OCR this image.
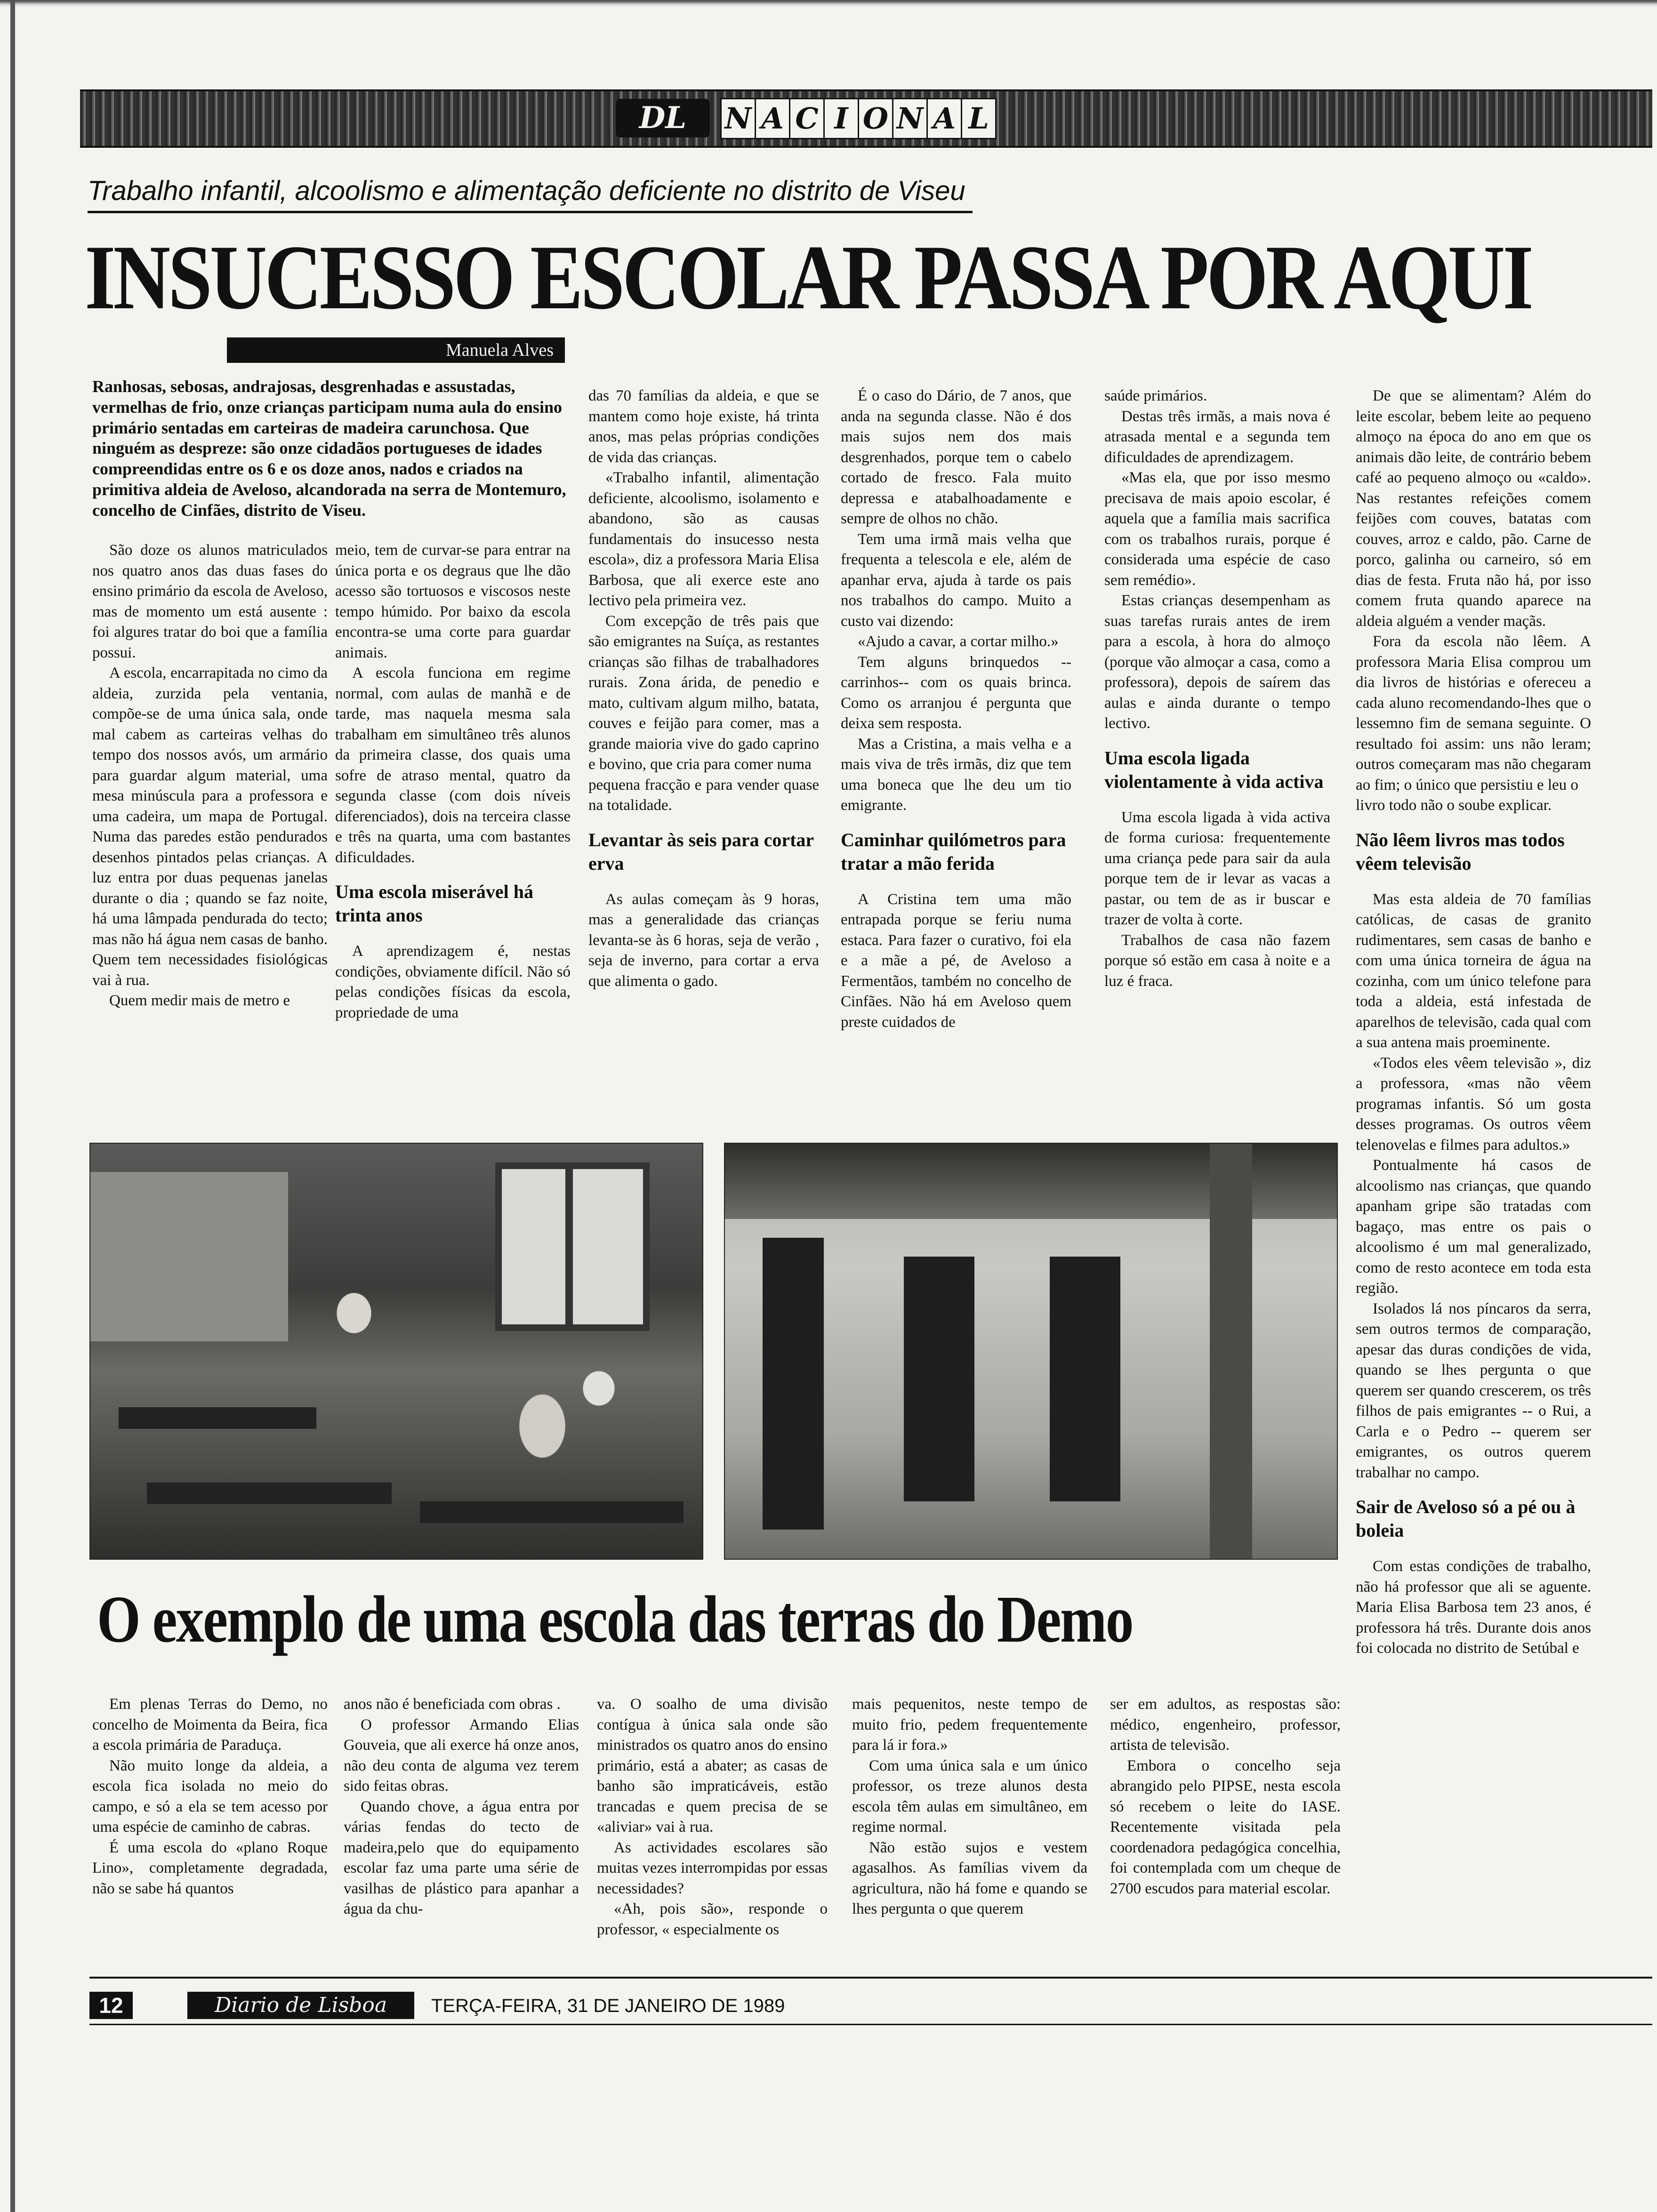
DL	N A C I O N A L
Trabalho infantil, alcoolismo e alimentação deficiente no distrito de Viseu
INSUCESSO ESCOLAR PASSA POR AQUI
Manuela Alves
Ranhosas, sebosas, andrajosas, desgrenhadas e assustadas, vermelhas de frio, onze crianças participam numa aula do ensino primário sentadas em carteiras de madeira carunchosa. Que ninguém as despreze: são onze cidadãos portugueses de idades compreendidas entre os 6 e os doze anos, nados e criados na primitiva aldeia de Aveloso, alcandorada na serra de Montemuro, concelho de Cinfães, distrito de Viseu.

São doze os alunos matriculados nos quatro anos das duas fases do ensino primário da escola de Aveloso, mas de momento um está ausente : foi algures tratar do boi que a família possui.

A escola, encarrapitada no cimo da aldeia, zurzida pela ventania, compõe-se de uma única sala, onde mal cabem as carteiras velhas do tempo dos nossos avós, um armário para guardar algum material, uma mesa minúscula para a professora e uma cadeira, um mapa de Portugal. Numa das paredes estão pendurados desenhos pintados pelas crianças. A luz entra por duas pequenas janelas durante o dia ; quando se faz noite, há uma lâmpada pendurada do tecto; mas não há água nem casas de banho. Quem tem necessidades fisiológicas vai à rua.

Quem medir mais de metro e

meio, tem de curvar-se para entrar na única porta e os degraus que lhe dão acesso são tortuosos e viscosos neste tempo húmido. Por baixo da escola encontra-se uma corte para guardar animais.

A escola funciona em regime normal, com aulas de manhã e de tarde, mas naquela mesma sala trabalham em simultâneo três alunos da primeira classe, dos quais uma sofre de atraso mental, quatro da segunda classe (com dois níveis diferenciados), dois na terceira classe e três na quarta, uma com bastantes dificuldades.

Uma escola miserável há trinta anos

A aprendizagem é, nestas condições, obviamente difícil. Não só pelas condições físicas da escola, propriedade de uma

das 70 famílias da aldeia, e que se mantem como hoje existe, há trinta anos, mas pelas próprias condições de vida das crianças.

«Trabalho infantil, alimentação deficiente, alcoolismo, isolamento e abandono, são as causas fundamentais do insucesso nesta escola», diz a professora Maria Elisa Barbosa, que ali exerce este ano lectivo pela primeira vez.

Com excepção de três pais que são emigrantes na Suíça, as restantes crianças são filhas de trabalhadores rurais. Zona árida, de penedio e mato, cultivam algum milho, batata, couves e feijão para comer, mas a grande maioria vive do gado caprino e bovino, que cria para comer numa

pequena fracção e para vender quase na totalidade.

Levantar às seis para cortar erva

As aulas começam às 9 horas, mas a generalidade das crianças levanta-se às 6 horas, seja de verão , seja de inverno, para cortar a erva que alimenta o gado.

É o caso do Dário, de 7 anos, que anda na segunda classe. Não é dos mais sujos nem dos mais desgrenhados, porque tem o cabelo cortado de fresco. Fala muito depressa e atabalhoadamente e sempre de olhos no chão.

Tem uma irmã mais velha que frequenta a telescola e ele, além de apanhar erva, ajuda à tarde os pais nos trabalhos do campo. Muito a custo vai dizendo:

«Ajudo a cavar, a cortar milho.»

Tem alguns brinquedos -- carrinhos-- com os quais brinca. Como os arranjou é pergunta que deixa sem resposta.

Mas a Cristina, a mais velha e a mais viva de três irmãs, diz que tem uma boneca que lhe deu um tio emigrante.

Caminhar quilómetros para tratar a mão ferida

A Cristina tem uma mão entrapada porque se feriu numa estaca. Para fazer o curativo, foi ela e a mãe a pé, de Aveloso a Fermentãos, também no concelho de Cinfães. Não há em Aveloso quem preste cuidados de

saúde primários.

Destas três irmãs, a mais nova é atrasada mental e a segunda tem dificuldades de aprendizagem.

«Mas ela, que por isso mesmo precisava de mais apoio escolar, é aquela que a família mais sacrifica com os trabalhos rurais, porque é considerada uma espécie de caso sem remédio».

Estas crianças desempenham as suas tarefas rurais antes de irem para a escola, à hora do almoço (porque vão almoçar a casa, como a professora), depois de saírem das aulas e ainda durante o tempo lectivo.

Uma escola ligada violentamente à vida activa

Uma escola ligada à vida activa de forma curiosa: frequentemente uma criança pede para sair da aula porque tem de ir levar as vacas a pastar, ou tem de as ir buscar e trazer de volta à corte.

Trabalhos de casa não fazem porque só estão em casa à noite e a luz é fraca.

De que se alimentam? Além do leite escolar, bebem leite ao pequeno almoço na época do ano em que os animais dão leite, de contrário bebem café ao pequeno almoço ou «caldo». Nas restantes refeições comem feijões com couves, batatas com couves, arroz e caldo, pão. Carne de porco, galinha ou carneiro, só em dias de festa. Fruta não há, por isso comem fruta quando aparece na aldeia alguém a vender maçãs.

Fora da escola não lêem. A professora Maria Elisa comprou um dia livros de histórias e ofereceu a cada aluno recomendando-lhes que o lessemno fim de semana seguinte. O resultado foi assim: uns não leram; outros começaram mas não chegaram ao fim; o único que persistiu e leu o

livro todo não o soube explicar.

Não lêem livros mas todos vêem televisão

Mas esta aldeia de 70 famílias católicas, de casas de granito rudimentares, sem casas de banho e com uma única torneira de água na cozinha, com um único telefone para toda a aldeia, está infestada de aparelhos de televisão, cada qual com a sua antena mais proeminente.

«Todos eles vêem televisão », diz a professora, «mas não vêem programas infantis. Só um gosta desses programas. Os outros vêem telenovelas e filmes para adultos.»

Pontualmente há casos de alcoolismo nas crianças, que quando apanham gripe são tratadas com bagaço, mas entre os pais o alcoolismo é um mal generalizado, como de resto acontece em toda esta região.

Isolados lá nos píncaros da serra, sem outros termos de comparação, apesar das duras condições de vida, quando se lhes pergunta o que querem ser quando crescerem, os três filhos de pais emigrantes -- o Rui, a Carla e o Pedro -- querem ser emigrantes, os outros querem trabalhar no campo.

Sair de Aveloso só a pé ou à boleia

Com estas condições de trabalho, não há professor que ali se aguente. Maria Elisa Barbosa tem 23 anos, é professora há três. Durante dois anos foi colocada no distrito de Setúbal e

O exemplo de uma escola das terras do Demo

Em plenas Terras do Demo, no concelho de Moimenta da Beira, fica a escola primária de Paraduça.

Não muito longe da aldeia, a escola fica isolada no meio do campo, e só a ela se tem acesso por uma espécie de caminho de cabras.

É uma escola do «plano Roque Lino», completamente degradada, não se sabe há quantos

anos não é beneficiada com obras .

O professor Armando Elias Gouveia, que ali exerce há onze anos, não deu conta de alguma vez terem sido feitas obras.

Quando chove, a água entra por várias fendas do tecto de madeira,pelo que do equipamento escolar faz uma parte uma série de vasilhas de plástico para apanhar a água da chu-

va. O soalho de uma divisão contígua à única sala onde são ministrados os quatro anos do ensino primário, está a abater; as casas de banho são impraticáveis, estão trancadas e quem precisa de se «aliviar» vai à rua.

As actividades escolares são muitas vezes interrompidas por essas necessidades?

«Ah, pois são», responde o professor, « especialmente os

mais pequenitos, neste tempo de muito frio, pedem frequentemente para lá ir fora.»

Com uma única sala e um único professor, os treze alunos desta escola têm aulas em simultâneo, em regime normal.

Não estão sujos e vestem agasalhos. As famílias vivem da agricultura, não há fome e quando se lhes pergunta o que querem

ser em adultos, as respostas são: médico, engenheiro, professor, artista de televisão.

Embora o concelho seja abrangido pelo PIPSE, nesta escola só recebem o leite do IASE. Recentemente visitada pela coordenadora pedagógica concelhia, foi contemplada com um cheque de 2700 escudos para material escolar.

12	Diario de Lisboa	TERÇA-FEIRA, 31 DE JANEIRO DE 1989
